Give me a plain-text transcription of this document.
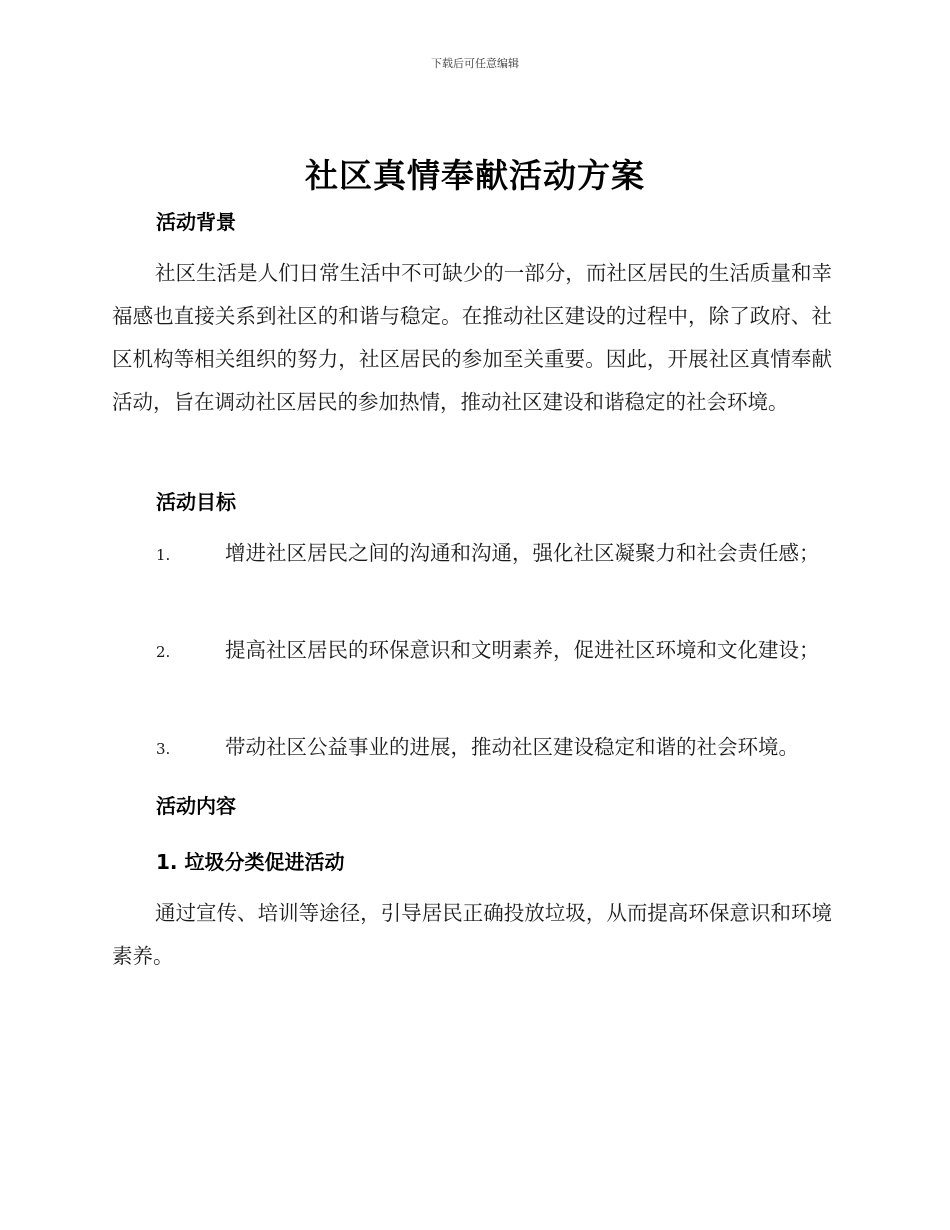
下载后可任意编辑
社区真情奉献活动方案
活动背景

社区生活是人们日常生活中不可缺少的一部分，而社区居民的生活质量和幸福感也直接关系到社区的和谐与稳定。在推动社区建设的过程中，除了政府、社区机构等相关组织的努力，社区居民的参加至关重要。因此，开展社区真情奉献活动，旨在调动社区居民的参加热情，推动社区建设和谐稳定的社会环境。

活动目标

1.	增进社区居民之间的沟通和沟通，强化社区凝聚力和社会责任感；

2.	提高社区居民的环保意识和文明素养，促进社区环境和文化建设；

3.	带动社区公益事业的进展，推动社区建设稳定和谐的社会环境。

活动内容
1. 垃圾分类促进活动

通过宣传、培训等途径，引导居民正确投放垃圾，从而提高环保意识和环境素养。
